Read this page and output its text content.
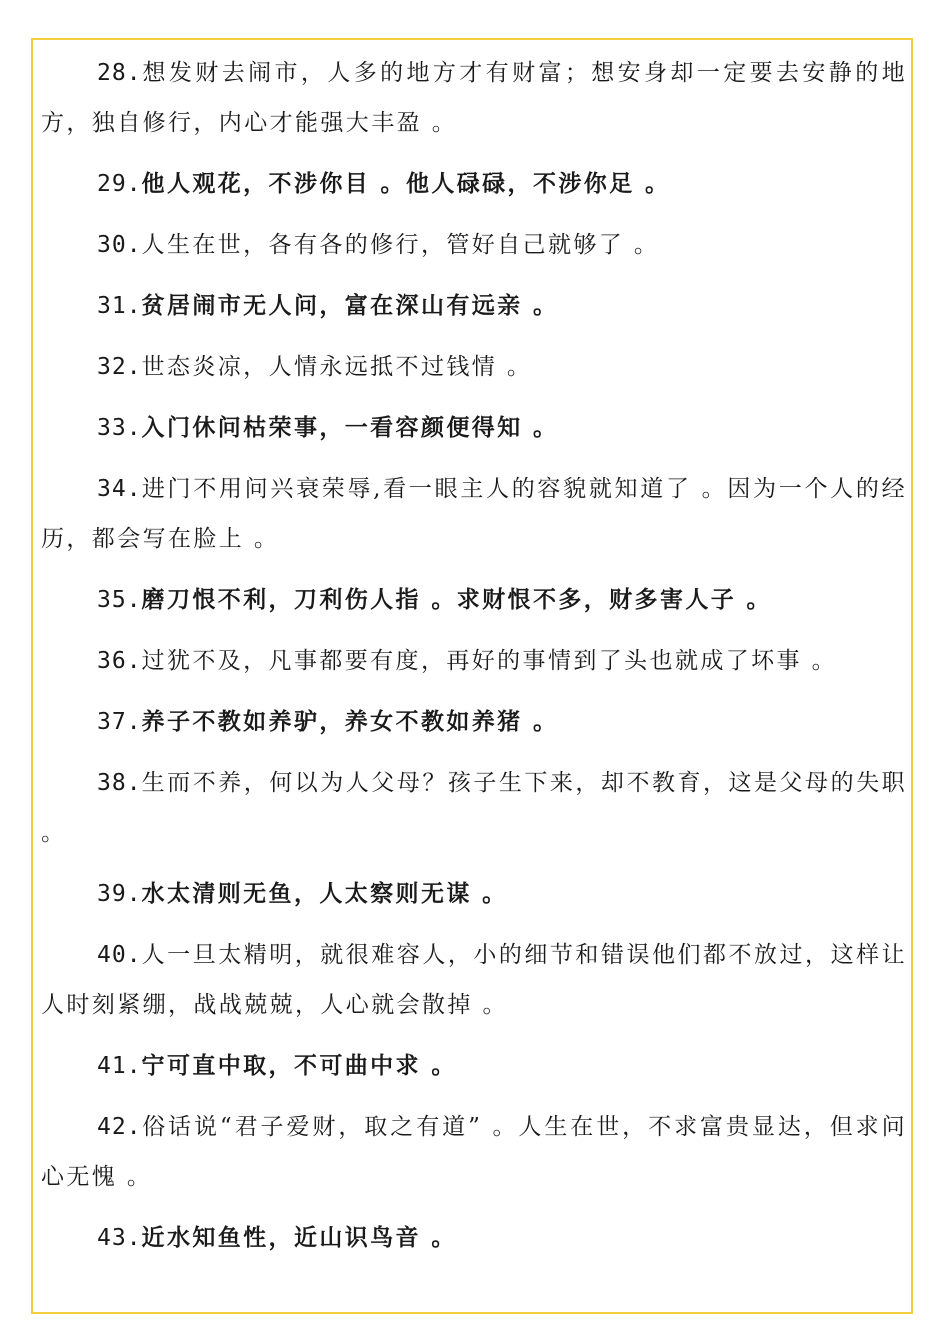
28.想发财去闹市，人多的地方才有财富；想安身却一定要去安静的地方，独自修行，内心才能强大丰盈 。

29.他人观花，不涉你目 。他人碌碌，不涉你足 。

30.人生在世，各有各的修行，管好自己就够了 。

31.贫居闹市无人问，富在深山有远亲 。

32.世态炎凉，人情永远抵不过钱情 。

33.入门休问枯荣事，一看容颜便得知 。

34.进门不用问兴衰荣辱,看一眼主人的容貌就知道了 。因为一个人的经历，都会写在脸上 。

35.磨刀恨不利，刀利伤人指 。求财恨不多，财多害人子 。

36.过犹不及，凡事都要有度，再好的事情到了头也就成了坏事 。

37.养子不教如养驴，养女不教如养猪 。

38.生而不养，何以为人父母？孩子生下来，却不教育，这是父母的失职 。

39.水太清则无鱼，人太察则无谋 。

40.人一旦太精明，就很难容人，小的细节和错误他们都不放过，这样让人时刻紧绷，战战兢兢，人心就会散掉 。

41.宁可直中取，不可曲中求 。

42.俗话说“君子爱财，取之有道” 。人生在世，不求富贵显达，但求问心无愧 。

43.近水知鱼性，近山识鸟音 。
